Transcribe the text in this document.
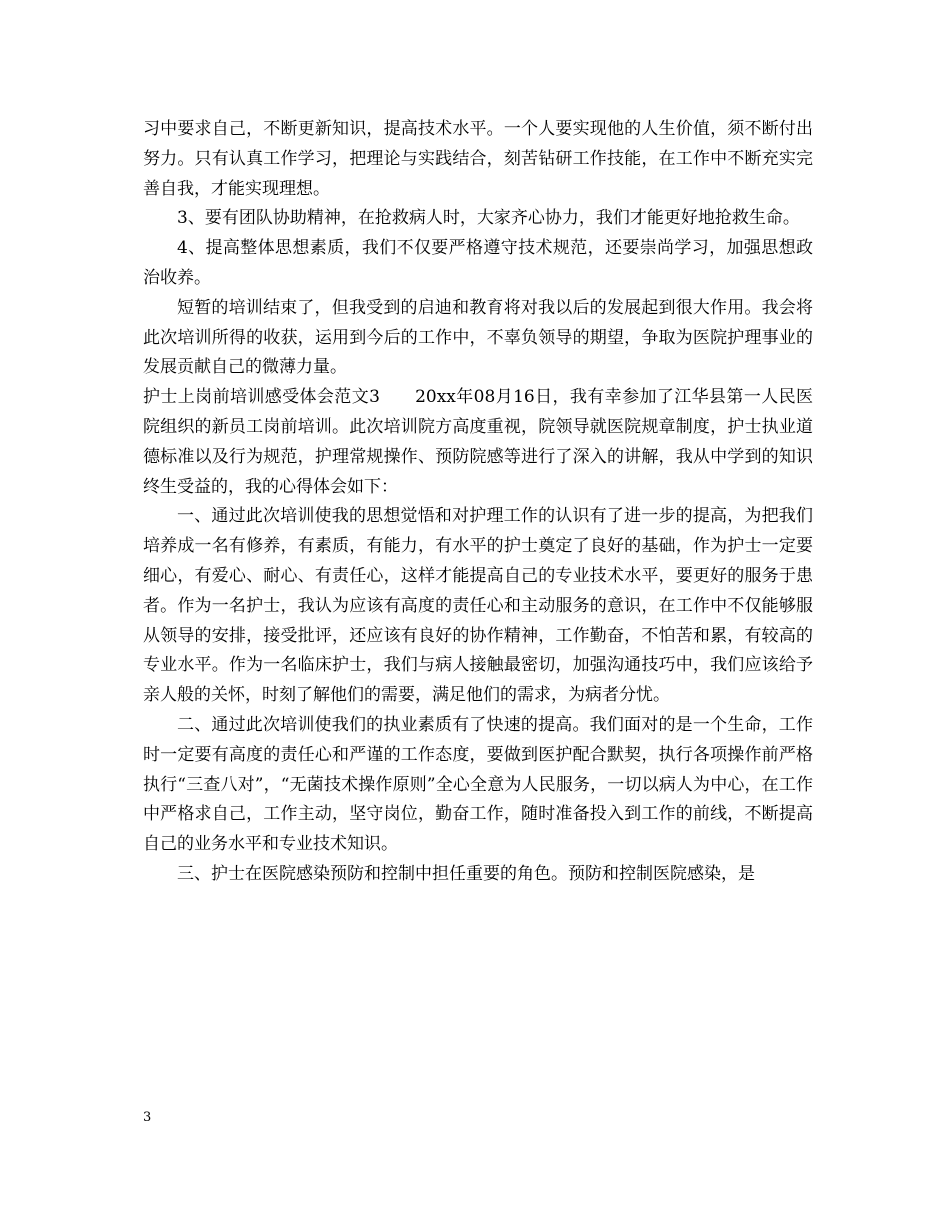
习中要求自己，不断更新知识，提高技术水平。一个人要实现他的人生价值，须不断付出努力。只有认真工作学习，把理论与实践结合，刻苦钻研工作技能，在工作中不断充实完善自我，才能实现理想。

3、要有团队协助精神，在抢救病人时，大家齐心协力，我们才能更好地抢救生命。

4、提高整体思想素质，我们不仅要严格遵守技术规范，还要崇尚学习，加强思想政治收养。

短暂的培训结束了，但我受到的启迪和教育将对我以后的发展起到很大作用。我会将此次培训所得的收获，运用到今后的工作中，不辜负领导的期望，争取为医院护理事业的发展贡献自己的微薄力量。

护士上岗前培训感受体会范文3　　20xx年08月16日，我有幸参加了江华县第一人民医院组织的新员工岗前培训。此次培训院方高度重视，院领导就医院规章制度，护士执业道德标准以及行为规范，护理常规操作、预防院感等进行了深入的讲解，我从中学到的知识终生受益的，我的心得体会如下：

一、通过此次培训使我的思想觉悟和对护理工作的认识有了进一步的提高，为把我们培养成一名有修养，有素质，有能力，有水平的护士奠定了良好的基础，作为护士一定要细心，有爱心、耐心、有责任心，这样才能提高自己的专业技术水平，要更好的服务于患者。作为一名护士，我认为应该有高度的责任心和主动服务的意识，在工作中不仅能够服从领导的安排，接受批评，还应该有良好的协作精神，工作勤奋，不怕苦和累，有较高的专业水平。作为一名临床护士，我们与病人接触最密切，加强沟通技巧中，我们应该给予亲人般的关怀，时刻了解他们的需要，满足他们的需求，为病者分忧。

二、通过此次培训使我们的执业素质有了快速的提高。我们面对的是一个生命，工作时一定要有高度的责任心和严谨的工作态度，要做到医护配合默契，执行各项操作前严格执行“三查八对”，“无菌技术操作原则”全心全意为人民服务，一切以病人为中心，在工作中严格求自己，工作主动，坚守岗位，勤奋工作，随时准备投入到工作的前线，不断提高自己的业务水平和专业技术知识。

三、护士在医院感染预防和控制中担任重要的角色。预防和控制医院感染，是

3
